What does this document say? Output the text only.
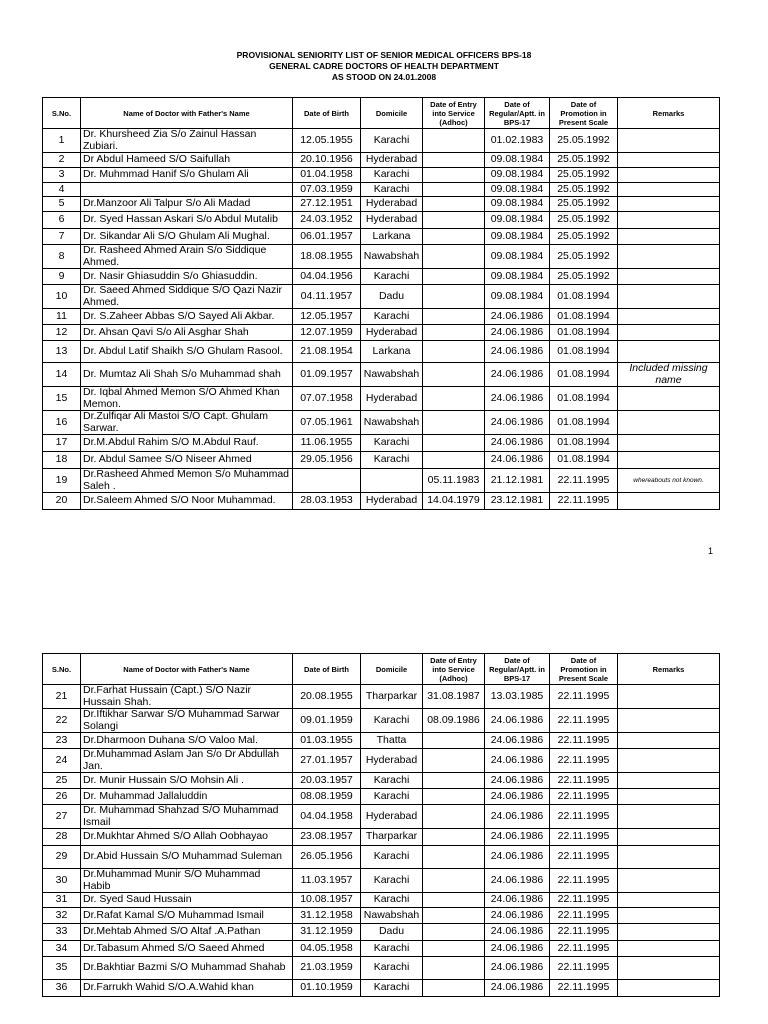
PROVISIONAL SENIORITY LIST OF SENIOR MEDICAL OFFICERS BPS-18
GENERAL CADRE DOCTORS OF HEALTH DEPARTMENT
AS STOOD ON 24.01.2008
S.No.	Name of Doctor with Father's Name	Date of Birth	Domicile	Date of Entry into Service (Adhoc)	Date of Regular/Aptt. in BPS-17	Date of Promotion in Present Scale	Remarks
1	Dr. Khursheed Zia S/o Zainul Hassan Zubiari.	12.05.1955	Karachi		01.02.1983	25.05.1992	
2	Dr Abdul Hameed S/O Saifullah	20.10.1956	Hyderabad		09.08.1984	25.05.1992	
3	Dr. Muhmmad Hanif S/o Ghulam Ali	01.04.1958	Karachi		09.08.1984	25.05.1992	
4		07.03.1959	Karachi		09.08.1984	25.05.1992	
5	Dr.Manzoor Ali Talpur S/o Ali Madad	27.12.1951	Hyderabad		09.08.1984	25.05.1992	
6	Dr. Syed Hassan Askari S/o Abdul Mutalib	24.03.1952	Hyderabad		09.08.1984	25.05.1992	
7	Dr. Sikandar Ali S/O Ghulam Ali Mughal.	06.01.1957	Larkana		09.08.1984	25.05.1992	
8	Dr. Rasheed Ahmed Arain S/o Siddique Ahmed.	18.08.1955	Nawabshah		09.08.1984	25.05.1992	
9	Dr. Nasir Ghiasuddin S/o Ghiasuddin.	04.04.1956	Karachi		09.08.1984	25.05.1992	
10	Dr. Saeed Ahmed Siddique S/O Qazi Nazir Ahmed.	04.11.1957	Dadu		09.08.1984	01.08.1994	
11	Dr. S.Zaheer Abbas S/O Sayed Ali Akbar.	12.05.1957	Karachi		24.06.1986	01.08.1994	
12	Dr. Ahsan Qavi S/o Ali Asghar Shah	12.07.1959	Hyderabad		24.06.1986	01.08.1994	
13	Dr. Abdul Latif Shaikh S/O Ghulam Rasool.	21.08.1954	Larkana		24.06.1986	01.08.1994	
14	Dr. Mumtaz Ali Shah S/o Muhammad shah	01.09.1957	Nawabshah		24.06.1986	01.08.1994	Included missing name
15	Dr. Iqbal Ahmed Memon S/O Ahmed Khan Memon.	07.07.1958	Hyderabad		24.06.1986	01.08.1994	
16	Dr.Zulfiqar Ali Mastoi S/O Capt. Ghulam Sarwar.	07.05.1961	Nawabshah		24.06.1986	01.08.1994	
17	Dr.M.Abdul Rahim S/O M.Abdul Rauf.	11.06.1955	Karachi		24.06.1986	01.08.1994	
18	Dr. Abdul Samee S/O Niseer Ahmed	29.05.1956	Karachi		24.06.1986	01.08.1994	
19	Dr.Rasheed Ahmed Memon S/o Muhammad Saleh .			05.11.1983	21.12.1981	22.11.1995	whereabouts not known.
20	Dr.Saleem Ahmed S/O Noor Muhammad.	28.03.1953	Hyderabad	14.04.1979	23.12.1981	22.11.1995	
1
S.No.	Name of Doctor with Father's Name	Date of Birth	Domicile	Date of Entry into Service (Adhoc)	Date of Regular/Aptt. in BPS-17	Date of Promotion in Present Scale	Remarks
21	Dr.Farhat Hussain (Capt.) S/O Nazir Hussain Shah.	20.08.1955	Tharparkar	31.08.1987	13.03.1985	22.11.1995	
22	Dr.Iftikhar Sarwar S/O Muhammad Sarwar Solangi	09.01.1959	Karachi	08.09.1986	24.06.1986	22.11.1995	
23	Dr.Dharmoon Duhana S/O Valoo Mal.	01.03.1955	Thatta		24.06.1986	22.11.1995	
24	Dr.Muhammad Aslam Jan S/o Dr Abdullah Jan.	27.01.1957	Hyderabad		24.06.1986	22.11.1995	
25	Dr. Munir Hussain S/O Mohsin Ali .	20.03.1957	Karachi		24.06.1986	22.11.1995	
26	Dr. Muhammad Jallaluddin	08.08.1959	Karachi		24.06.1986	22.11.1995	
27	Dr. Muhammad Shahzad S/O Muhammad Ismail	04.04.1958	Hyderabad		24.06.1986	22.11.1995	
28	Dr.Mukhtar Ahmed S/O Allah Oobhayao	23.08.1957	Tharparkar		24.06.1986	22.11.1995	
29	Dr.Abid Hussain S/O Muhammad Suleman	26.05.1956	Karachi		24.06.1986	22.11.1995	
30	Dr.Muhammad Munir S/O Muhammad Habib	11.03.1957	Karachi		24.06.1986	22.11.1995	
31	Dr. Syed Saud Hussain	10.08.1957	Karachi		24.06.1986	22.11.1995	
32	Dr.Rafat Kamal S/O Muhammad Ismail	31.12.1958	Nawabshah		24.06.1986	22.11.1995	
33	Dr.Mehtab Ahmed S/O Altaf .A.Pathan	31.12.1959	Dadu		24.06.1986	22.11.1995	
34	Dr.Tabasum Ahmed S/O Saeed Ahmed	04.05.1958	Karachi		24.06.1986	22.11.1995	
35	Dr.Bakhtiar Bazmi S/O Muhammad Shahab	21.03.1959	Karachi		24.06.1986	22.11.1995	
36	Dr.Farrukh Wahid S/O.A.Wahid khan	01.10.1959	Karachi		24.06.1986	22.11.1995	
